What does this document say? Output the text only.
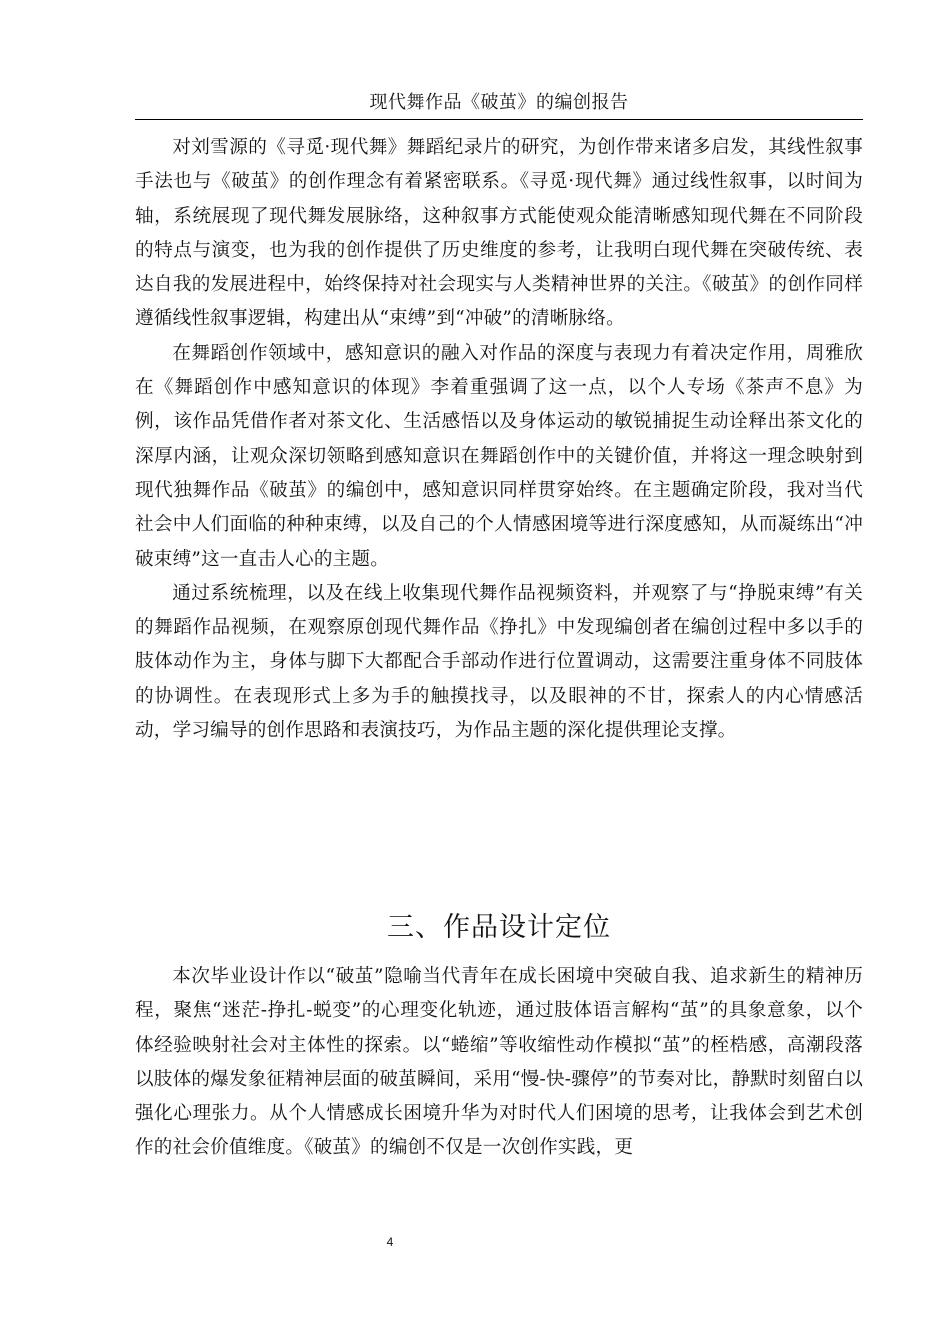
现代舞作品《破茧》的编创报告

对刘雪源的《寻觅·现代舞》舞蹈纪录片的研究，为创作带来诸多启发，其线性叙事手法也与《破茧》的创作理念有着紧密联系。《寻觅·现代舞》通过线性叙事，以时间为轴，系统展现了现代舞发展脉络，这种叙事方式能使观众能清晰感知现代舞在不同阶段的特点与演变，也为我的创作提供了历史维度的参考，让我明白现代舞在突破传统、表达自我的发展进程中，始终保持对社会现实与人类精神世界的关注。《破茧》的创作同样遵循线性叙事逻辑，构建出从“束缚”到“冲破”的清晰脉络。

在舞蹈创作领域中，感知意识的融入对作品的深度与表现力有着决定作用，周雅欣在《舞蹈创作中感知意识的体现》李着重强调了这一点，以个人专场《茶声不息》为例，该作品凭借作者对茶文化、生活感悟以及身体运动的敏锐捕捉生动诠释出茶文化的深厚内涵，让观众深切领略到感知意识在舞蹈创作中的关键价值，并将这一理念映射到现代独舞作品《破茧》的编创中，感知意识同样贯穿始终。在主题确定阶段，我对当代社会中人们面临的种种束缚，以及自己的个人情感困境等进行深度感知，从而凝练出“冲破束缚”这一直击人心的主题。

通过系统梳理，以及在线上收集现代舞作品视频资料，并观察了与“挣脱束缚”有关的舞蹈作品视频，在观察原创现代舞作品《挣扎》中发现编创者在编创过程中多以手的肢体动作为主，身体与脚下大都配合手部动作进行位置调动，这需要注重身体不同肢体的协调性。在表现形式上多为手的触摸找寻，以及眼神的不甘，探索人的内心情感活动，学习编导的创作思路和表演技巧，为作品主题的深化提供理论支撑。

三、作品设计定位

本次毕业设计作以“破茧”隐喻当代青年在成长困境中突破自我、追求新生的精神历程，聚焦“迷茫-挣扎-蜕变”的心理变化轨迹，通过肢体语言解构“茧”的具象意象，以个体经验映射社会对主体性的探索。以“蜷缩”等收缩性动作模拟“茧”的桎梏感，高潮段落以肢体的爆发象征精神层面的破茧瞬间，采用“慢-快-骤停”的节奏对比，静默时刻留白以强化心理张力。从个人情感成长困境升华为对时代人们困境的思考，让我体会到艺术创作的社会价值维度。《破茧》的编创不仅是一次创作实践，更

4
